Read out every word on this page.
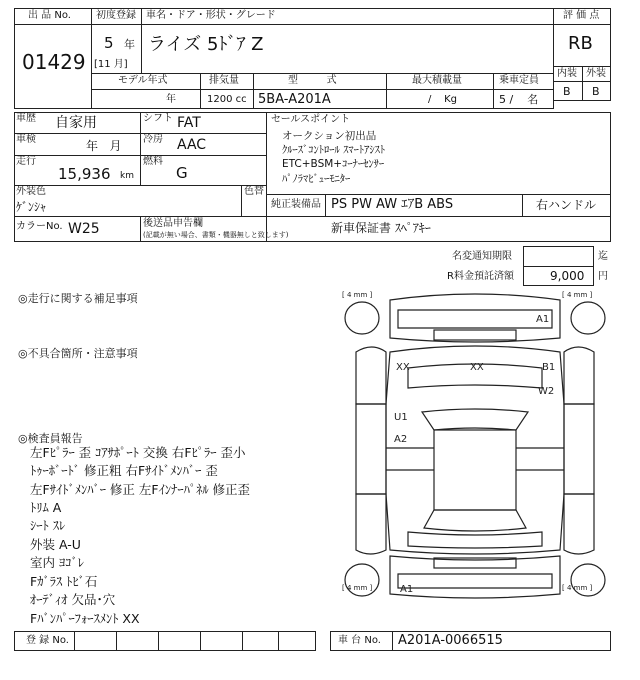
出 品 No.
01429
初度登録 車名・ドア・形状・グレード
5 年
[11 月]
ライズ 5ﾄﾞｱ Z
評 価 点
RB
内装 外装
B B
モデル年式	排気量	型         式	最大積載量	乗車定員
年	1200 cc 5BA-A201A	/    Kg	5 /    名
車歴 自家用	シフト FAT
車検	年   月 冷房 AAC
走行
15,936 km
燃料
G
外装色
ｹﾞﾝｼｬ
色替
カラーNo. W25	後送品申告欄
(記載が無い場合、書類・機器無しと致します)
セールスポイント
オークション初出品
ｸﾙｰｽﾞｺﾝﾄﾛｰﾙ ｽﾏｰﾄｱｼｽﾄ
ETC+BSM+ｺｰﾅｰｾﾝｻｰ
ﾊﾟﾉﾗﾏﾋﾞｭｰﾓﾆﾀｰ
純正装備品 PS PW AW ｴｱB ABS	右ハンドル
新車保証書 ｽﾍﾟｱｷｰ
名変通知期限	迄
R料金預託済額	9,000 円
◎走行に関する補足事項
◎不具合箇所・注意事項
◎検査員報告
左Fﾋﾟﾗｰ 歪 ｺｱｻﾎﾟｰﾄ 交換 右Fﾋﾟﾗｰ 歪小
ﾄｩｰﾎﾞｰﾄﾞ 修正粗 右Fｻｲﾄﾞﾒﾝﾊﾞｰ 歪
左Fｻｲﾄﾞﾒﾝﾊﾞｰ 修正 左Fｲﾝﾅｰﾊﾟﾈﾙ 修正歪
ﾄﾘﾑ A
ｼｰﾄ ｽﾚ
外装 A-U
室内 ﾖｺﾞﾚ
Fｶﾞﾗｽ ﾄﾋﾞ石
ｵｰﾃﾞｨｵ 欠品･穴
Fﾊﾞﾝﾊﾟｰﾌｫｰｽﾒﾝﾄ XX
[ 4 mm ]	[ 4 mm ]
[ 4 mm ]	[ 4 mm ]
A1
XX	XX	B1
W2
U1
A2
A1
登 録 No.	車 台 No. A201A-0066515
